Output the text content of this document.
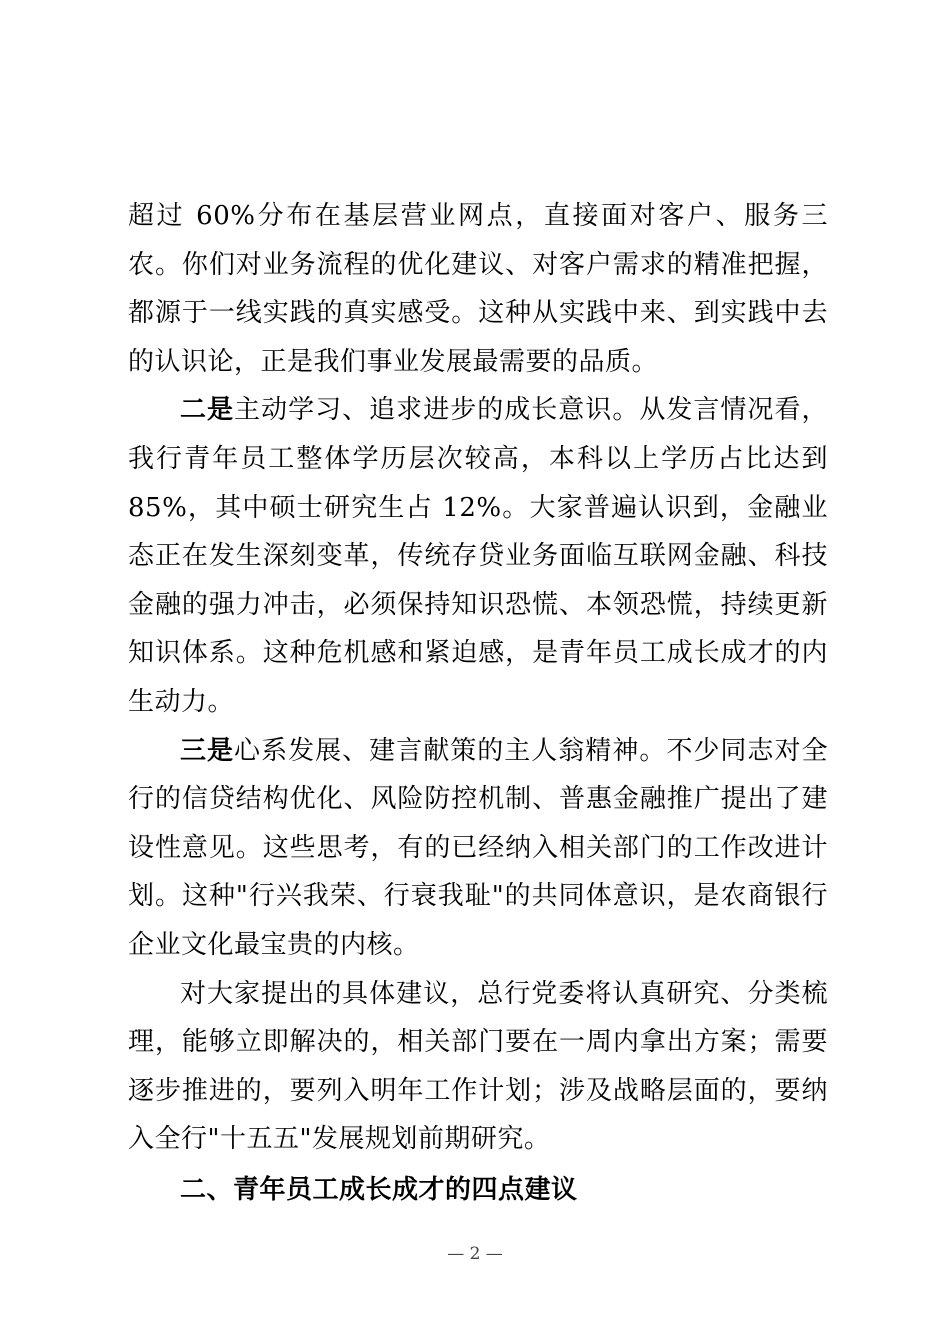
超过 60%分布在基层营业网点，直接面对客户、服务三农。你们对业务流程的优化建议、对客户需求的精准把握，都源于一线实践的真实感受。这种从实践中来、到实践中去的认识论，正是我们事业发展最需要的品质。

二是主动学习、追求进步的成长意识。从发言情况看，我行青年员工整体学历层次较高，本科以上学历占比达到 85%，其中硕士研究生占 12%。大家普遍认识到，金融业态正在发生深刻变革，传统存贷业务面临互联网金融、科技金融的强力冲击，必须保持知识恐慌、本领恐慌，持续更新知识体系。这种危机感和紧迫感，是青年员工成长成才的内生动力。

三是心系发展、建言献策的主人翁精神。不少同志对全行的信贷结构优化、风险防控机制、普惠金融推广提出了建设性意见。这些思考，有的已经纳入相关部门的工作改进计划。这种"行兴我荣、行衰我耻"的共同体意识，是农商银行企业文化最宝贵的内核。

对大家提出的具体建议，总行党委将认真研究、分类梳理，能够立即解决的，相关部门要在一周内拿出方案；需要逐步推进的，要列入明年工作计划；涉及战略层面的，要纳入全行"十五五"发展规划前期研究。

二、青年员工成长成才的四点建议

— 2 —
